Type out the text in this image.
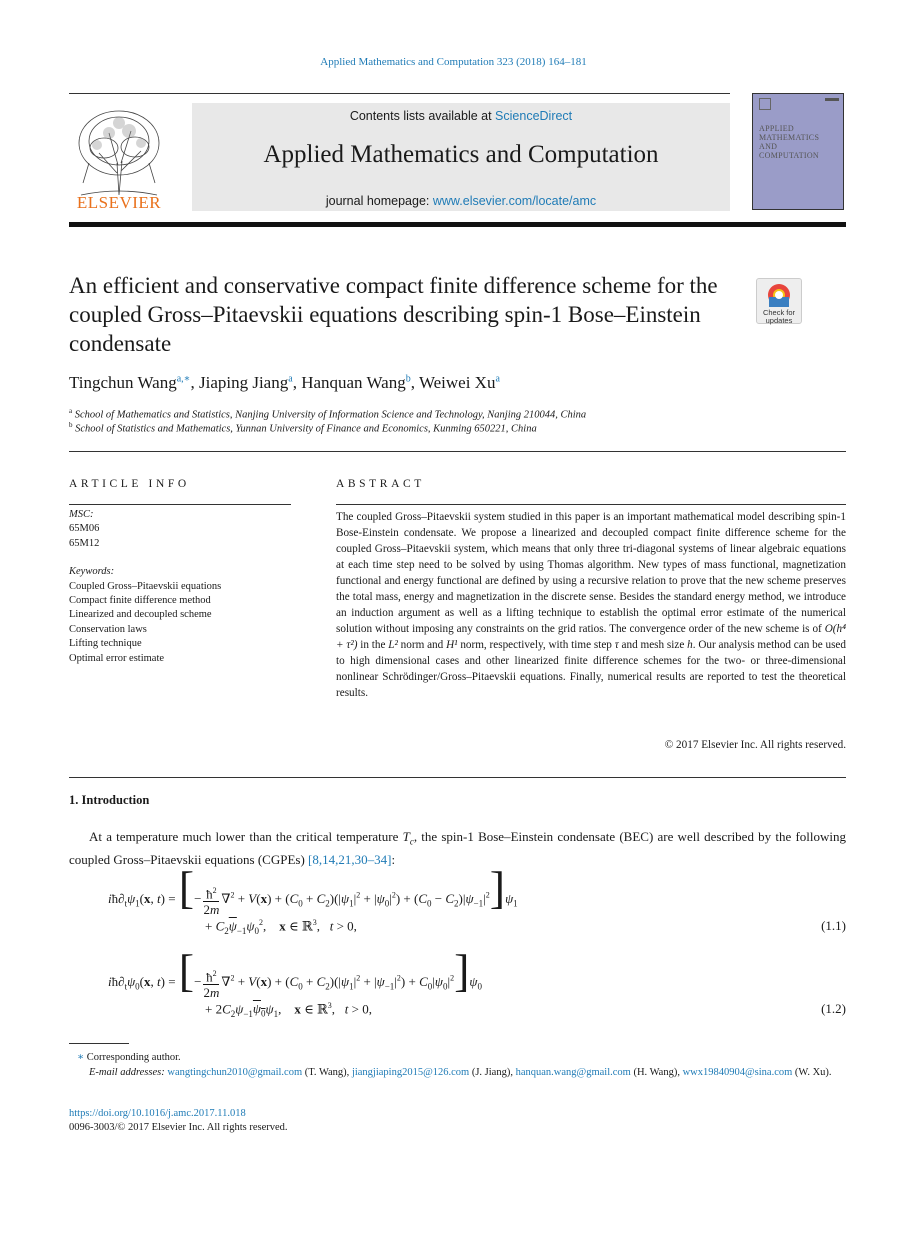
Applied Mathematics and Computation 323 (2018) 164–181
ELSEVIER
Contents lists available at ScienceDirect
Applied Mathematics and Computation
journal homepage: www.elsevier.com/locate/amc
APPLIED MATHEMATICS AND COMPUTATION
An efficient and conservative compact finite difference scheme for the coupled Gross–Pitaevskii equations describing spin-1 Bose–Einstein condensate
Check for updates
Tingchun Wang$^{a,∗}$, Jiaping Jiang$^a$, Hanquan Wang$^b$, Weiwei Xu$^a$
$^a$ School of Mathematics and Statistics, Nanjing University of Information Science and Technology, Nanjing 210044, China
$^b$ School of Statistics and Mathematics, Yunnan University of Finance and Economics, Kunming 650221, China
ARTICLE INFO	ABSTRACT
MSC:
65M06
65M12
Keywords:
Coupled Gross–Pitaevskii equations
Compact finite difference method
Linearized and decoupled scheme
Conservation laws
Lifting technique
Optimal error estimate
The coupled Gross–Pitaevskii system studied in this paper is an important mathematical model describing spin-1 Bose-Einstein condensate. We propose a linearized and decoupled compact finite difference scheme for the coupled Gross–Pitaevskii system, which means that only three tri-diagonal systems of linear algebraic equations at each time step need to be solved by using Thomas algorithm. New types of mass functional, magnetization functional and energy functional are defined by using a recursive relation to prove that the new scheme preserves the total mass, energy and magnetization in the discrete sense. Besides the standard energy method, we introduce an induction argument as well as a lifting technique to establish the optimal error estimate of the numerical solution without imposing any constraints on the grid ratios. The convergence order of the new scheme is of O(h⁴ + τ²) in the L² norm and H¹ norm, respectively, with time step τ and mesh size h. Our analysis method can be used to high dimensional cases and other linearized finite difference schemes for the two- or three-dimensional nonlinear Schrödinger/Gross–Pitaevskii equations. Finally, numerical results are reported to test the theoretical results.
© 2017 Elsevier Inc. All rights reserved.
1. Introduction
At a temperature much lower than the critical temperature $T_c$, the spin-1 Bose–Einstein condensate (BEC) are well described by the following coupled Gross–Pitaevskii equations (CGPEs) [8,14,21,30–34]:
$iħ\partial_t\psi_1(x$, t) = [− $\frac{ħ^2}{2m} \nabla^2 + V(x) + (C_0 + C_2)(|\psi_1|^2 + |\psi_0|^2) + (C_0 - C_2)|\psi_{-1}|^2]\psi_1$
+ $C_2\overline{\psi}_{-1}\psi_0^2$,    x ∈ ℝ$^3$,   t > 0,	(1.1)
$iħ\partial_t\psi_0(x$, t) = [− $\frac{ħ^2}{2m} \nabla^2 + V(x) + (C_0 + C_2)(|\psi_1|^2 + |\psi_{-1}|^2) + C_0|\psi_0|^2]\psi_0$
+ $2C_2\psi_{-1}\psi_0\psi_1$,    x ∈ ℝ$^3$,   t > 0,	(1.2)
∗ Corresponding author.
E-mail addresses: wangtingchun2010@gmail.com (T. Wang), jiangjiaping2015@126.com (J. Jiang), hanquan.wang@gmail.com (H. Wang), wwx19840904@sina.com (W. Xu).
https://doi.org/10.1016/j.amc.2017.11.018
0096-3003/© 2017 Elsevier Inc. All rights reserved.
